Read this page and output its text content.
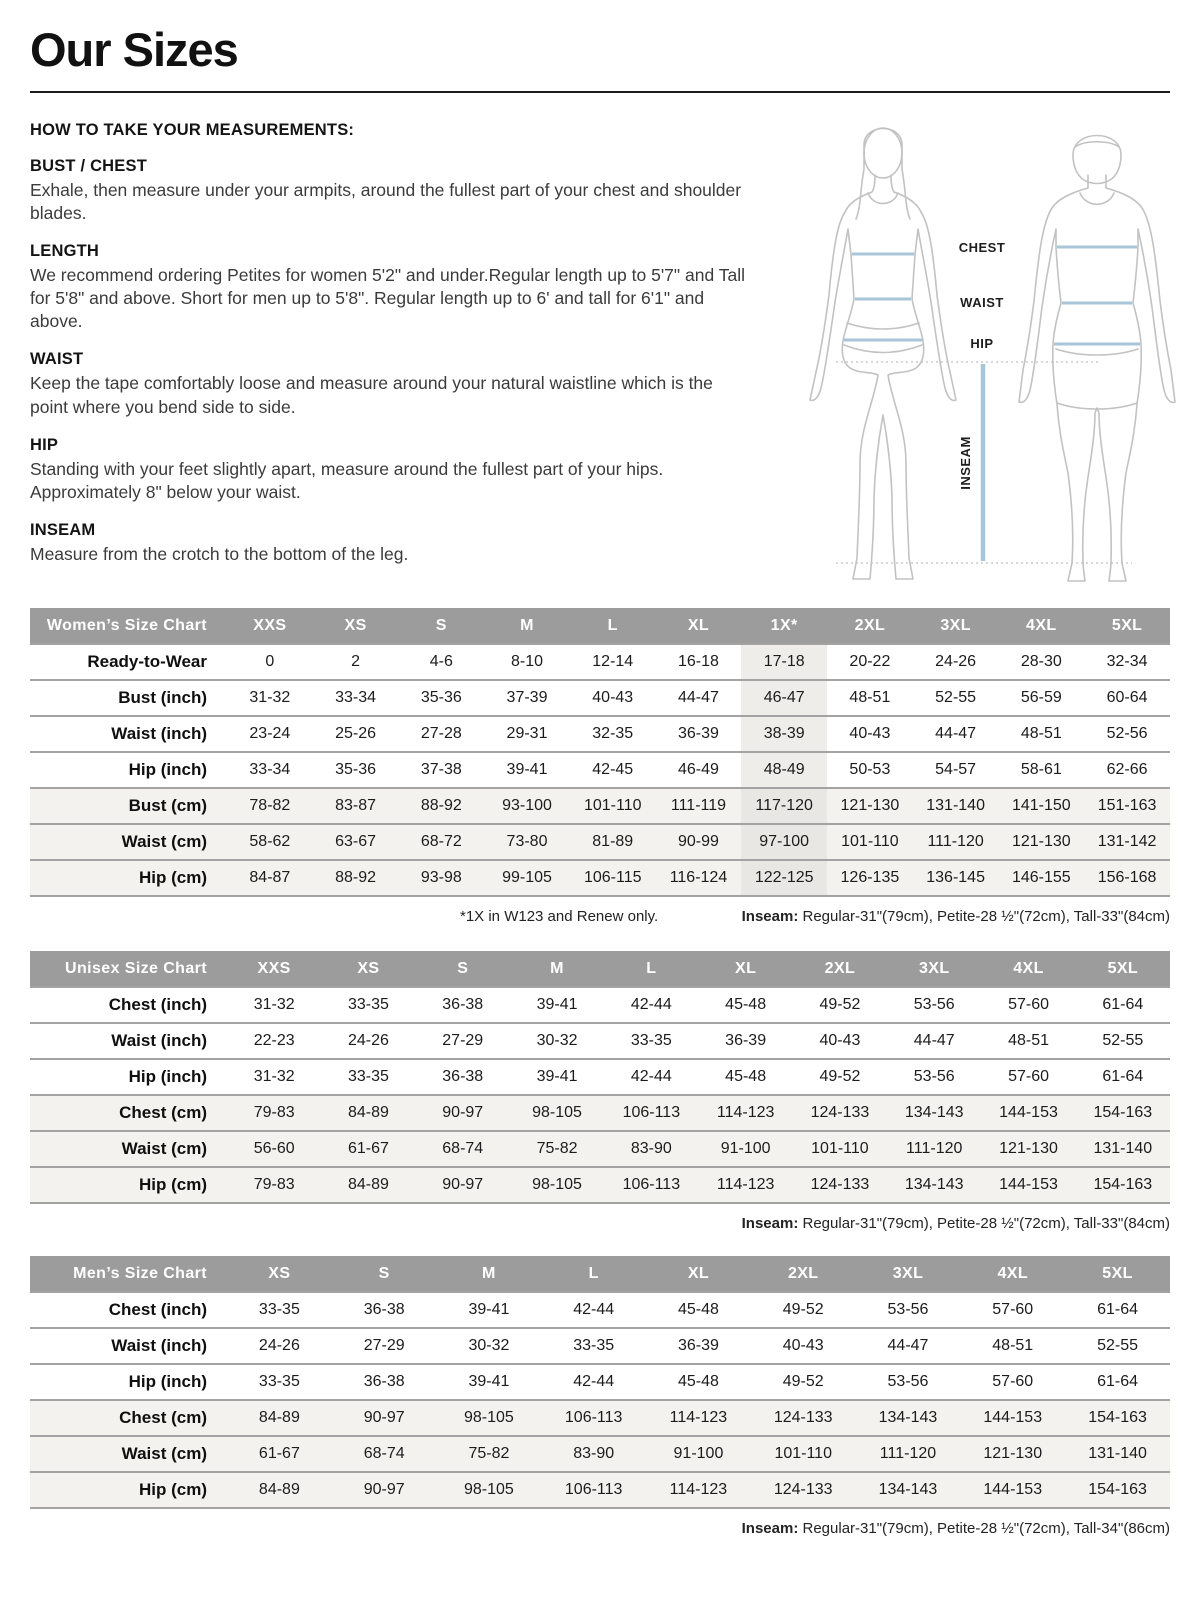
Our Sizes

HOW TO TAKE YOUR MEASUREMENTS:

BUST / CHEST
Exhale, then measure under your armpits, around the fullest part of your chest and shoulder blades.
LENGTH
We recommend ordering Petites for women 5'2" and under.Regular length up to 5'7" and Tall for 5'8" and above. Short for men up to 5'8". Regular length up to 6' and tall for 6'1" and above.
WAIST
Keep the tape comfortably loose and measure around your natural waistline which is the point where you bend side to side.
HIP
Standing with your feet slightly apart, measure around the fullest part of your hips. Approximately 8" below your waist.
INSEAM
Measure from the crotch to the bottom of the leg.
CHEST
WAIST
HIP
INSEAM
Women’s Size Chart	XXS	XS	S	M	L	XL	1X*	2XL	3XL	4XL	5XL
Ready-to-Wear	0	2	4-6	8-10	12-14	16-18	17-18	20-22	24-26	28-30	32-34
Bust (inch)	31-32	33-34	35-36	37-39	40-43	44-47	46-47	48-51	52-55	56-59	60-64
Waist (inch)	23-24	25-26	27-28	29-31	32-35	36-39	38-39	40-43	44-47	48-51	52-56
Hip (inch)	33-34	35-36	37-38	39-41	42-45	46-49	48-49	50-53	54-57	58-61	62-66
Bust (cm)	78-82	83-87	88-92	93-100	101-110	111-119	117-120	121-130	131-140	141-150	151-163
Waist (cm)	58-62	63-67	68-72	73-80	81-89	90-99	97-100	101-110	111-120	121-130	131-142
Hip (cm)	84-87	88-92	93-98	99-105	106-115	116-124	122-125	126-135	136-145	146-155	156-168
*1X in W123 and Renew only.	Inseam: Regular-31"(79cm), Petite-28 ½"(72cm), Tall-33"(84cm)
Unisex Size Chart	XXS	XS	S	M	L	XL	2XL	3XL	4XL	5XL
Chest (inch)	31-32	33-35	36-38	39-41	42-44	45-48	49-52	53-56	57-60	61-64
Waist (inch)	22-23	24-26	27-29	30-32	33-35	36-39	40-43	44-47	48-51	52-55
Hip (inch)	31-32	33-35	36-38	39-41	42-44	45-48	49-52	53-56	57-60	61-64
Chest (cm)	79-83	84-89	90-97	98-105	106-113	114-123	124-133	134-143	144-153	154-163
Waist (cm)	56-60	61-67	68-74	75-82	83-90	91-100	101-110	111-120	121-130	131-140
Hip (cm)	79-83	84-89	90-97	98-105	106-113	114-123	124-133	134-143	144-153	154-163
Inseam: Regular-31"(79cm), Petite-28 ½"(72cm), Tall-33"(84cm)
Men’s Size Chart	XS	S	M	L	XL	2XL	3XL	4XL	5XL
Chest (inch)	33-35	36-38	39-41	42-44	45-48	49-52	53-56	57-60	61-64
Waist (inch)	24-26	27-29	30-32	33-35	36-39	40-43	44-47	48-51	52-55
Hip (inch)	33-35	36-38	39-41	42-44	45-48	49-52	53-56	57-60	61-64
Chest (cm)	84-89	90-97	98-105	106-113	114-123	124-133	134-143	144-153	154-163
Waist (cm)	61-67	68-74	75-82	83-90	91-100	101-110	111-120	121-130	131-140
Hip (cm)	84-89	90-97	98-105	106-113	114-123	124-133	134-143	144-153	154-163
Inseam: Regular-31"(79cm), Petite-28 ½"(72cm), Tall-34"(86cm)
